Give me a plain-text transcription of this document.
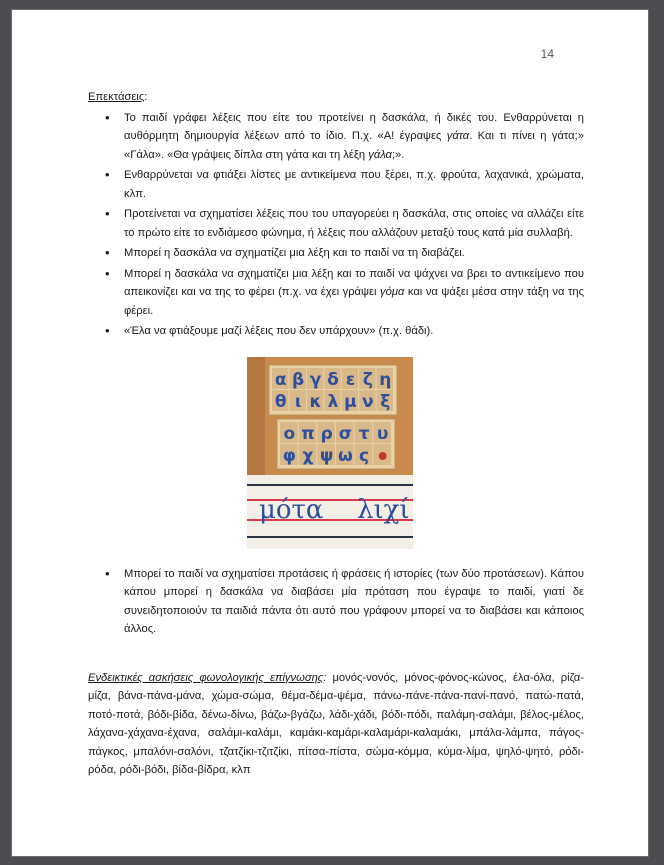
14
Επεκτάσεις:
• Το παιδί γράφει λέξεις που είτε του προτείνει η δασκάλα, ή δικές του. Ενθαρρύνεται η αυθόρμητη δημιουργία λέξεων από το ίδιο. Π.χ. «Α! έγραψες γάτα. Και τι πίνει η γάτα;» «Γάλα». «Θα γράψεις δίπλα στη γάτα και τη λέξη γάλα;».
• Ενθαρρύνεται να φτιάξει λίστες με αντικείμενα που ξέρει, π.χ. φρούτα, λαχανικά, χρώματα, κλπ.
• Προτείνεται να σχηματίσει λέξεις που του υπαγορεύει η δασκάλα, στις οποίες να αλλάζει είτε το πρώτο είτε το ενδιάμεσο φώνημα, ή λέξεις που αλλάζουν μεταξύ τους κατά μία συλλαβή.
• Μπορεί η δασκάλα να σχηματίζει μια λέξη και το παιδί να τη διαβάζει.
• Μπορεί η δασκάλα να σχηματίζει μια λέξη και το παιδί να ψάχνει να βρει το αντικείμενο που απεικονίζει και να της το φέρει (π.χ. να έχει γράψει γόμα και να ψάξει μέσα στην τάξη να της φέρει.
• «Έλα να φτιάξουμε μαζί λέξεις που δεν υπάρχουν» (π.χ. θάδι).
α β γ δ ε ζ η
θ ι κ λ μ ν ξ
ο π ρ σ τ υ
φ χ ψ ω ς
μότα λιχί
• Μπορεί το παιδί να σχηματίσει προτάσεις ή φράσεις ή ιστορίες (των δύο προτάσεων). Κάπου κάπου μπορεί η δασκάλα να διαβάσει μία πρόταση που έγραψε το παιδί, γιατί δε συνειδητοποιούν τα παιδιά πάντα ότι αυτό που γράφουν μπορεί να το διαβάσει και κάποιος άλλος.
Ενδεικτικές ασκήσεις φωνολογικής επίγνωσης: μονός-νονός, μόνος-φόνος-κώνος, έλα-όλα, ρίζα-μίζα, βάνα-πάνα-μάνα, χώμα-σώμα, θέμα-δέμα-ψέμα, πάνω-πάνε-πάνα-πανί-πανό, πατώ-πατά, ποτό-ποτά, βόδι-βίδα, δένω-δίνω, βάζω-βγάζω, λάδι-χάδι, βόδι-πόδι, παλάμη-σαλάμι, βέλος-μέλος, λάχανα-χάχανα-έχανα, σαλάμι-καλάμι, καμάκι-καμάρι-καλαμάρι-καλαμάκι, μπάλα-λάμπα, πάγος-πάγκος, μπαλόνι-σαλόνι, τζατζίκι-τζιτζίκι, πίτσα-πίστα, σώμα-κόμμα, κύμα-λίμα, ψηλό-ψητό, ρόδι-ρόδα, ρόδι-βόδι, βίδα-βίδρα, κλπ
